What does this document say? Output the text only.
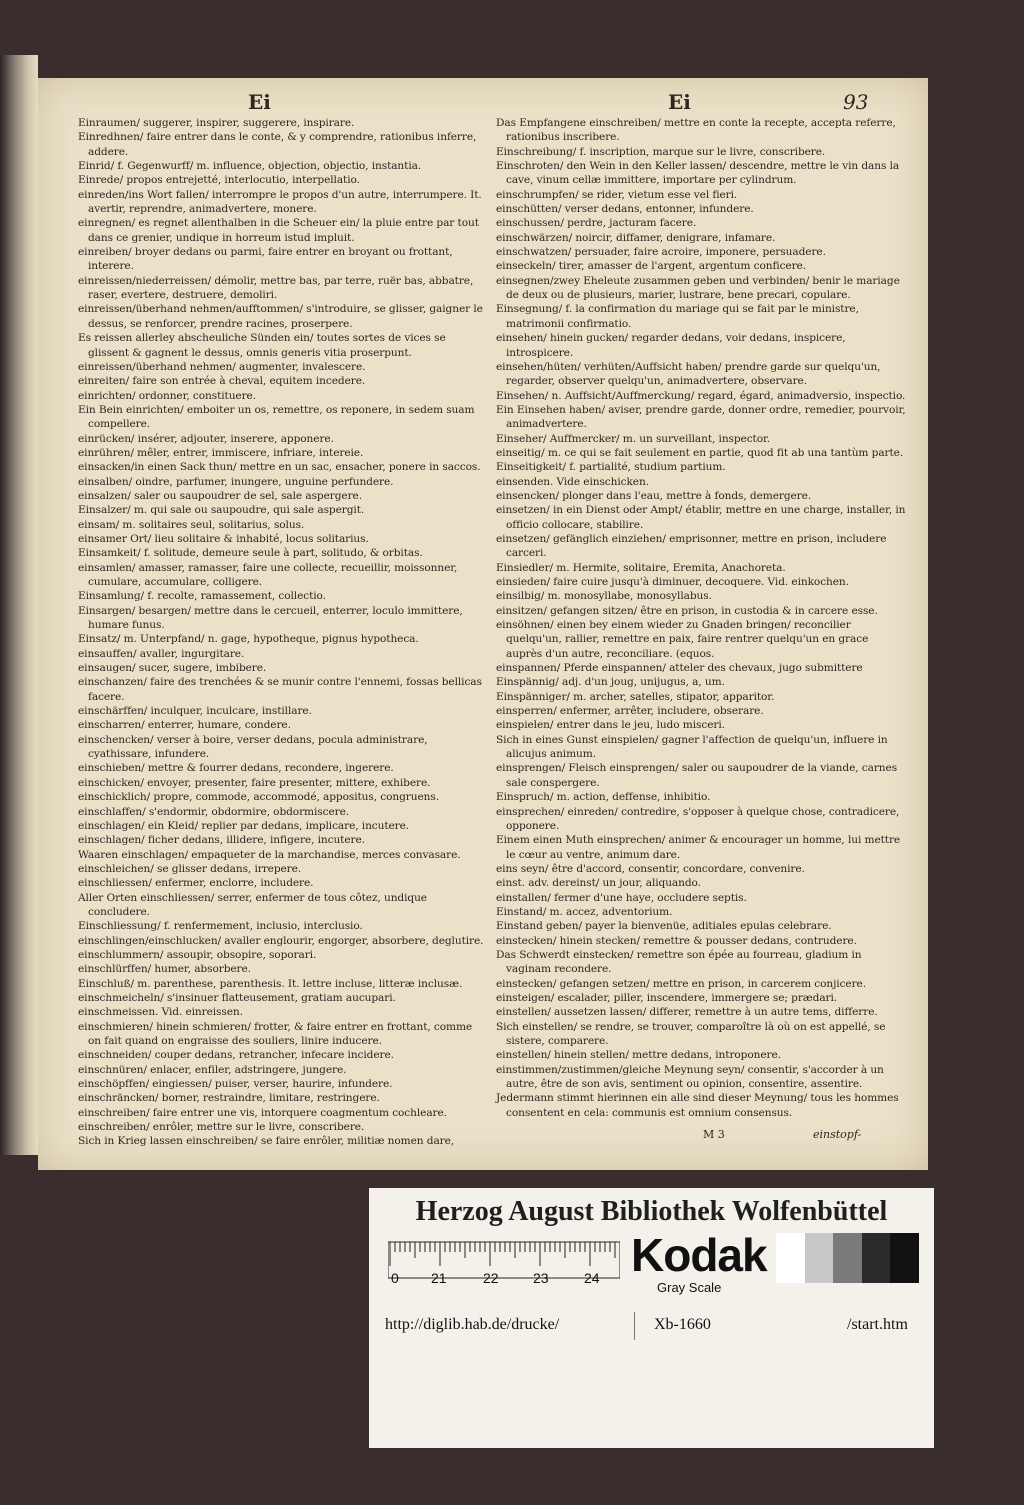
Ei	Ei	93

Einraumen/ suggerer, inspirer, suggerere, inspirare.

Einredhnen/ faire entrer dans le conte, & y comprendre, rationibus inferre, addere.

Einrid/ f. Gegenwurff/ m. influence, objection, objectio, instantia.

Einrede/ propos entrejetté, interlocutio, interpellatio.

einreden/ins Wort fallen/ interrompre le propos d'un autre, interrumpere. It. avertir, reprendre, animadvertere, monere.

einregnen/ es regnet allenthalben in die Scheuer ein/ la pluie entre par tout dans ce grenier, undique in horreum istud impluit.

einreiben/ broyer dedans ou parmi, faire entrer en broyant ou frottant, interere.

einreissen/niederreissen/ démolir, mettre bas, par terre, ruër bas, abbatre, raser, evertere, destruere, demoliri.

einreissen/überhand nehmen/aufftommen/ s'introduire, se glisser, gaigner le dessus, se renforcer, prendre racines, proserpere.

Es reissen allerley abscheuliche Sünden ein/ toutes sortes de vices se glissent & gagnent le dessus, omnis generis vitia proserpunt.

einreissen/überhand nehmen/ augmenter, invalescere.

einreiten/ faire son entrée à cheval, equitem incedere.

einrichten/ ordonner, constituere.

Ein Bein einrichten/ emboiter un os, remettre, os reponere, in sedem suam compellere.

einrücken/ insérer, adjouter, inserere, apponere.

einrühren/ mêler, entrer, immiscere, infriare, intereie.

einsacken/in einen Sack thun/ mettre en un sac, ensacher, ponere in saccos.

einsalben/ oindre, parfumer, inungere, unguine perfundere.

einsalzen/ saler ou saupoudrer de sel, sale aspergere.

Einsalzer/ m. qui sale ou saupoudre, qui sale aspergit.

einsam/ m. solitaires seul, solitarius, solus.

einsamer Ort/ lieu solitaire & inhabité, locus solitarius.

Einsamkeit/ f. solitude, demeure seule à part, solitudo, & orbitas.

einsamlen/ amasser, ramasser, faire une collecte, recueillir, moissonner, cumulare, accumulare, colligere.

Einsamlung/ f. recolte, ramassement, collectio.

Einsargen/ besargen/ mettre dans le cercueil, enterrer, loculo immittere, humare funus.

Einsatz/ m. Unterpfand/ n. gage, hypotheque, pignus hypotheca.

einsauffen/ avaller, ingurgitare.

einsaugen/ sucer, sugere, imbibere.

einschanzen/ faire des trenchées & se munir contre l'ennemi, fossas bellicas facere.

einschärffen/ inculquer, inculcare, instillare.

einscharren/ enterrer, humare, condere.

einschencken/ verser à boire, verser dedans, pocula administrare, cyathissare, infundere.

einschieben/ mettre & fourrer dedans, recondere, ingerere.

einschicken/ envoyer, presenter, faire presenter, mittere, exhibere.

einschicklich/ propre, commode, accommodé, appositus, congruens.

einschlaffen/ s'endormir, obdormire, obdormiscere.

einschlagen/ ein Kleid/ replier par dedans, implicare, incutere.

einschlagen/ ficher dedans, illidere, infigere, incutere.

Waaren einschlagen/ empaqueter de la marchandise, merces convasare.

einschleichen/ se glisser dedans, irrepere.

einschliessen/ enfermer, enclorre, includere.

Aller Orten einschliessen/ serrer, enfermer de tous côtez, undique concludere.

Einschliessung/ f. renfermement, inclusio, interclusio.

einschlingen/einschlucken/ avaller englourir, engorger, absorbere, deglutire.

einschlummern/ assoupir, obsopire, soporari.

einschlürffen/ humer, absorbere.

Einschluß/ m. parenthese, parenthesis. It. lettre incluse, litteræ inclusæ.

einschmeicheln/ s'insinuer flatteusement, gratiam aucupari.

einschmeissen. Vid. einreissen.

einschmieren/ hinein schmieren/ frotter, & faire entrer en frottant, comme on fait quand on engraisse des souliers, linire inducere.

einschneiden/ couper dedans, retrancher, infecare incidere.

einschnüren/ enlacer, enfiler, adstringere, jungere.

einschöpffen/ eingiessen/ puiser, verser, haurire, infundere.

einschräncken/ borner, restraindre, limitare, restringere.

einschreiben/ faire entrer une vis, intorquere coagmentum cochleare.

einschreiben/ enrôler, mettre sur le livre, conscribere.

Sich in Krieg lassen einschreiben/ se faire enrôler, militiæ nomen dare,

Das Empfangene einschreiben/ mettre en conte la recepte, accepta referre, rationibus inscribere.

Einschreibung/ f. inscription, marque sur le livre, conscribere.

Einschroten/ den Wein in den Keller lassen/ descendre, mettre le vin dans la cave, vinum cellæ immittere, importare per cylindrum.

einschrumpfen/ se rider, vietum esse vel fieri.

einschütten/ verser dedans, entonner, infundere.

einschussen/ perdre, jacturam facere.

einschwärzen/ noircir, diffamer, denigrare, infamare.

einschwatzen/ persuader, faire acroire, imponere, persuadere.

einseckeln/ tirer, amasser de l'argent, argentum conficere.

einsegnen/zwey Eheleute zusammen geben und verbinden/ benir le mariage de deux ou de plusieurs, marier, lustrare, bene precari, copulare.

Einsegnung/ f. la confirmation du mariage qui se fait par le ministre, matrimonii confirmatio.

einsehen/ hinein gucken/ regarder dedans, voir dedans, inspicere, introspicere.

einsehen/hüten/ verhüten/Auffsicht haben/ prendre garde sur quelqu'un, regarder, observer quelqu'un, animadvertere, observare.

Einsehen/ n. Auffsicht/Auffmerckung/ regard, égard, animadversio, inspectio.

Ein Einsehen haben/ aviser, prendre garde, donner ordre, remedier, pourvoir, animadvertere.

Einseher/ Auffmercker/ m. un surveillant, inspector.

einseitig/ m. ce qui se fait seulement en partie, quod fit ab una tantùm parte.

Einseitigkeit/ f. partialité, studium partium.

einsenden. Vide einschicken.

einsencken/ plonger dans l'eau, mettre à fonds, demergere.

einsetzen/ in ein Dienst oder Ampt/ établir, mettre en une charge, installer, in officio collocare, stabilire.

einsetzen/ gefänglich einziehen/ emprisonner, mettre en prison, includere carceri.

Einsiedler/ m. Hermite, solitaire, Eremita, Anachoreta.

einsieden/ faire cuire jusqu'à diminuer, decoquere. Vid. einkochen.

einsilbig/ m. monosyllabe, monosyllabus.

einsitzen/ gefangen sitzen/ être en prison, in custodia & in carcere esse.

einsöhnen/ einen bey einem wieder zu Gnaden bringen/ reconcilier quelqu'un, rallier, remettre en paix, faire rentrer quelqu'un en grace auprès d'un autre, reconciliare. (equos.

einspannen/ Pferde einspannen/ atteler des chevaux, jugo submittere

Einspännig/ adj. d'un joug, unijugus, a, um.

Einspänniger/ m. archer, satelles, stipator, apparitor.

einsperren/ enfermer, arrêter, includere, obserare.

einspielen/ entrer dans le jeu, ludo misceri.

Sich in eines Gunst einspielen/ gagner l'affection de quelqu'un, influere in alicujus animum.

einsprengen/ Fleisch einsprengen/ saler ou saupoudrer de la viande, carnes sale conspergere.

Einspruch/ m. action, deffense, inhibitio.

einsprechen/ einreden/ contredire, s'opposer à quelque chose, contradicere, opponere.

Einem einen Muth einsprechen/ animer & encourager un homme, lui mettre le cœur au ventre, animum dare.

eins seyn/ être d'accord, consentir, concordare, convenire.

einst. adv. dereinst/ un jour, aliquando.

einstallen/ fermer d'une haye, occludere septis.

Einstand/ m. accez, adventorium.

Einstand geben/ payer la bienvenüe, aditiales epulas celebrare.

einstecken/ hinein stecken/ remettre & pousser dedans, contrudere.

Das Schwerdt einstecken/ remettre son épée au fourreau, gladium in vaginam recondere.

einstecken/ gefangen setzen/ mettre en prison, in carcerem conjicere.

einsteigen/ escalader, piller, inscendere, immergere se; prædari.

einstellen/ aussetzen lassen/ differer, remettre à un autre tems, differre.

Sich einstellen/ se rendre, se trouver, comparoître là où on est appellé, se sistere, comparere.

einstellen/ hinein stellen/ mettre dedans, introponere.

einstimmen/zustimmen/gleiche Meynung seyn/ consentir, s'accorder à un autre, être de son avis, sentiment ou opinion, consentire, assentire.

Jedermann stimmt hierinnen ein alle sind dieser Meynung/ tous les hommes consentent en cela: communis est omnium consensus.

M 3	einstopf-
Herzog August Bibliothek Wolfenbüttel
0 21	22 23	24 Kodak
Gray Scale
http://diglib.hab.de/drucke/	Xb-1660	/start.htm
